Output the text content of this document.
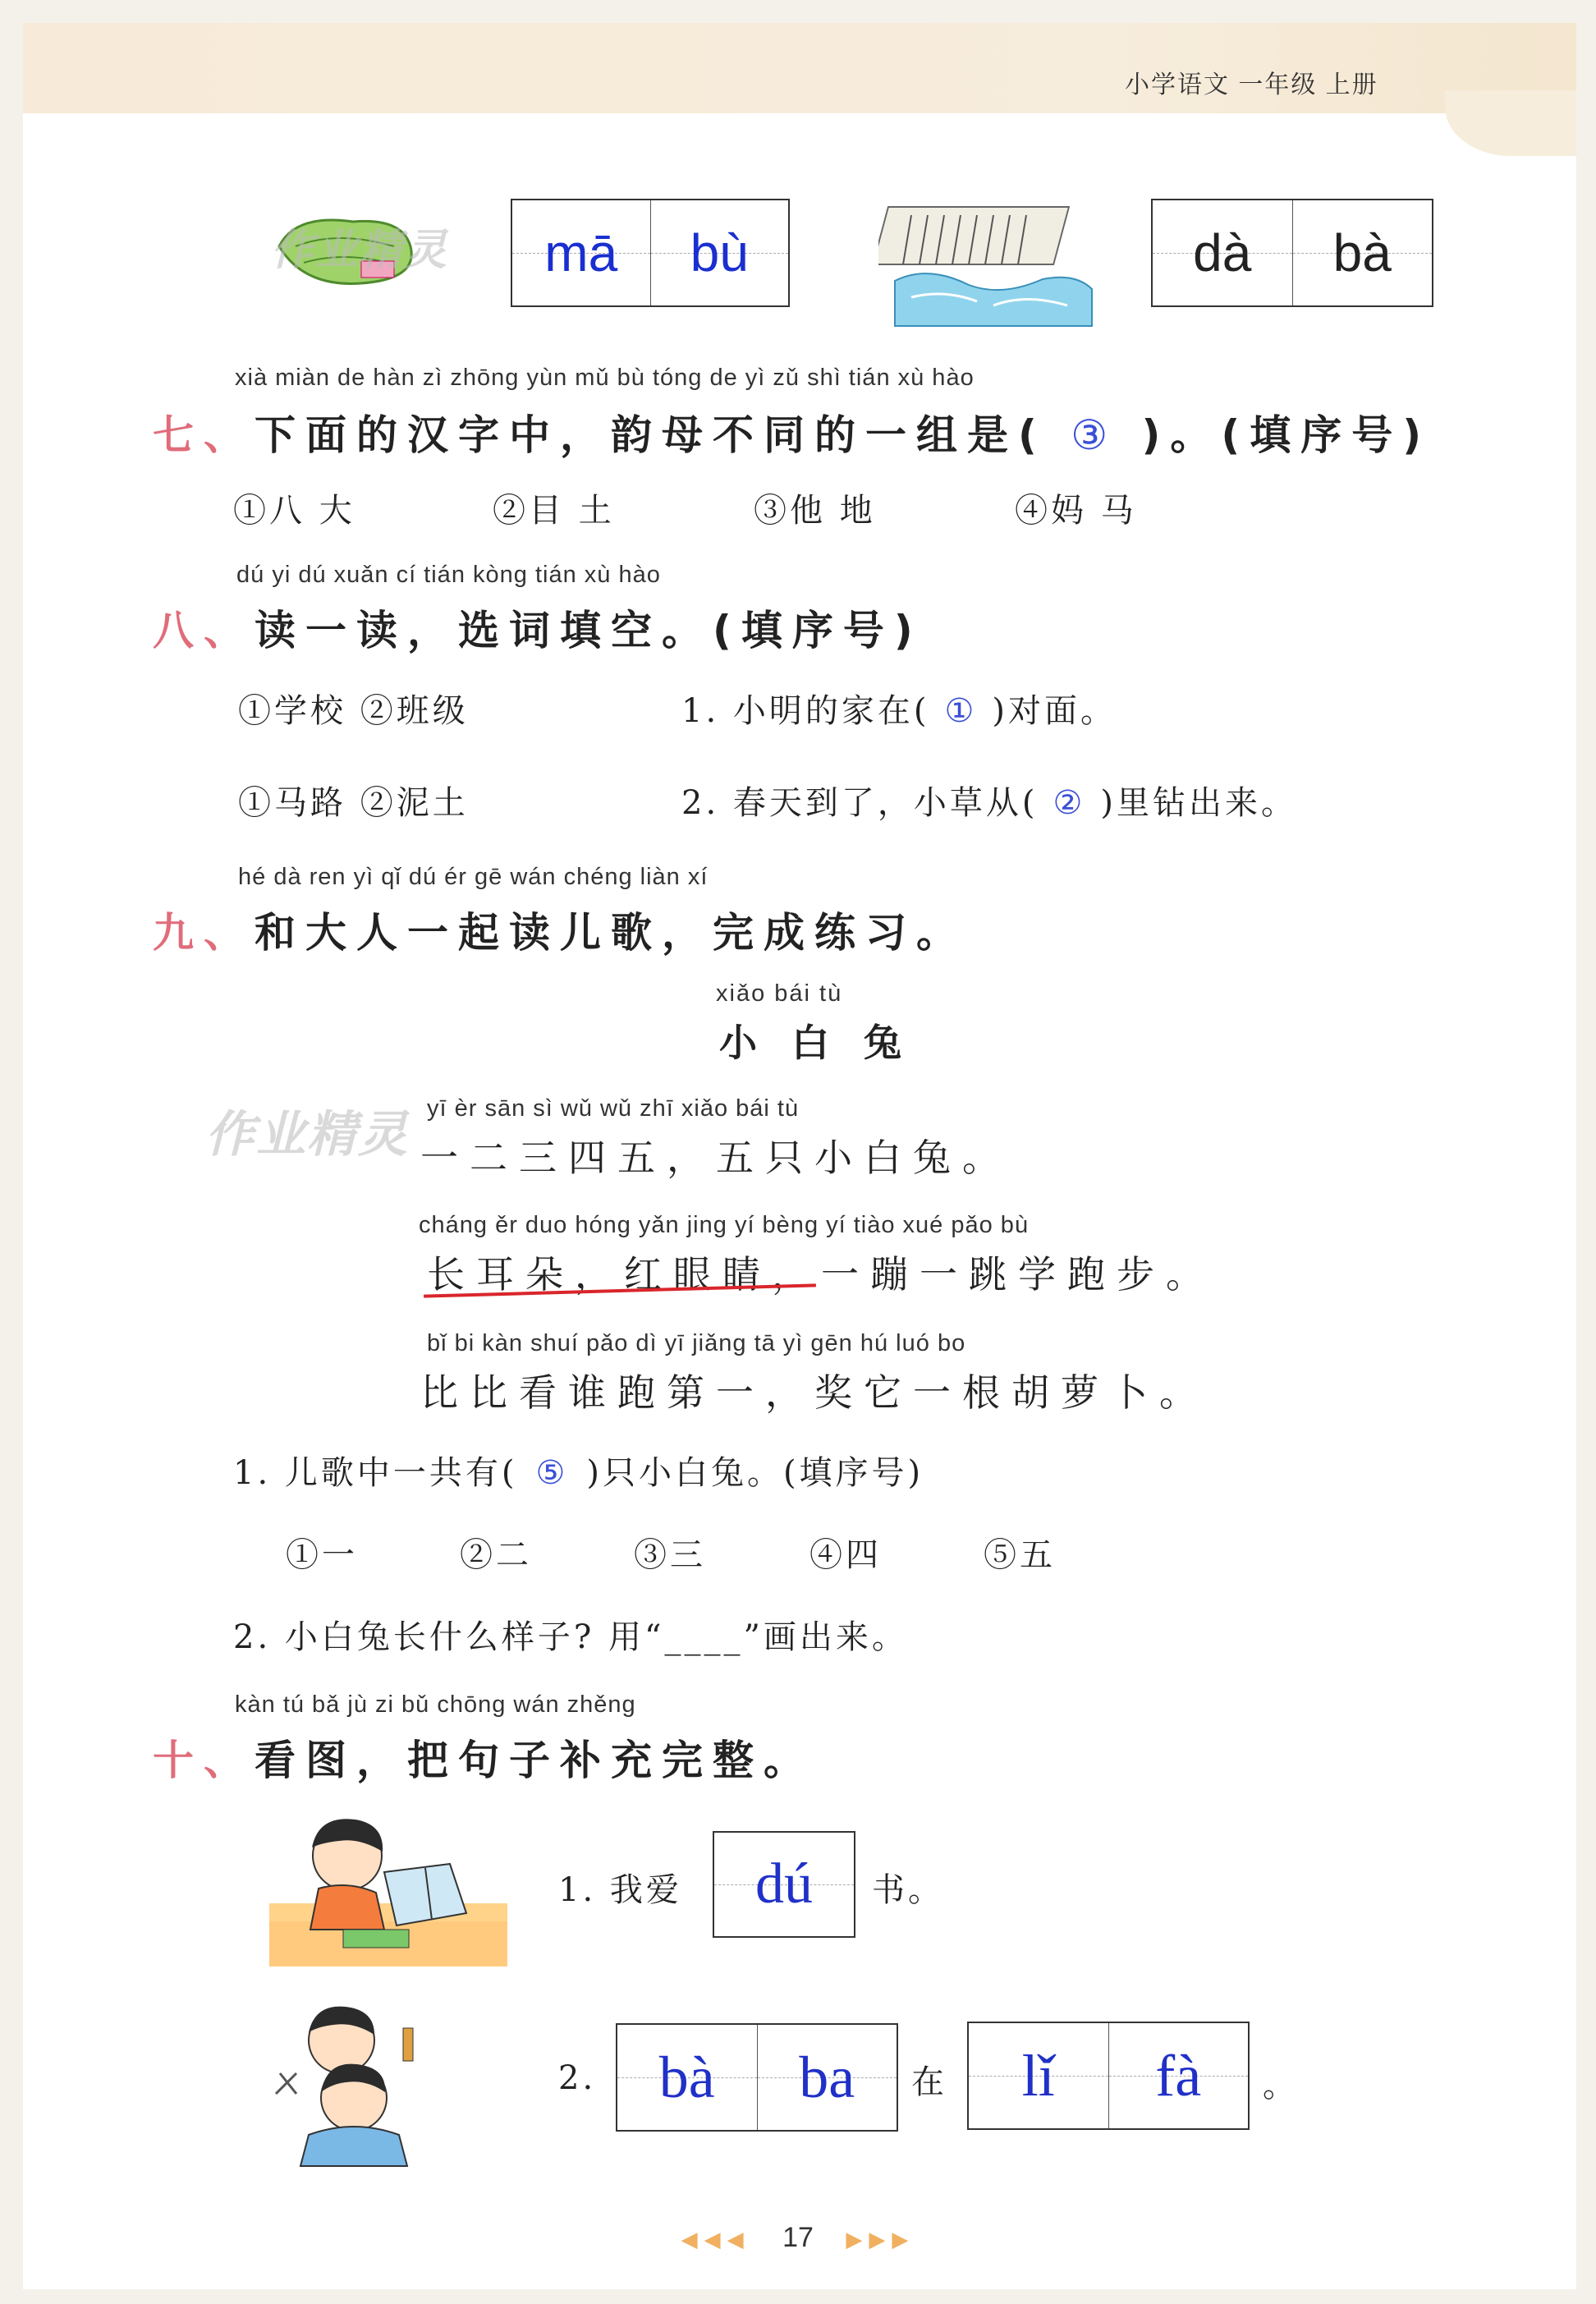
小学语文 一年级 上册
作业精灵 mā bù	dà bà
xià miàn de hàn zì zhōng yùn mǔ bù tóng de yì zǔ shì tián xù hào
七、下面的汉字中，韵母不同的一组是( ③ )。(填序号)
①八 大	②目 土	③他 地	④妈 马
dú yi dú xuǎn cí tián kòng tián xù hào
八、读一读，选词填空。(填序号)
①学校 ②班级	1. 小明的家在( ① )对面。
①马路 ②泥土	2. 春天到了，小草从( ② )里钻出来。
hé dà ren yì qǐ dú ér gē wán chéng liàn xí
九、和大人一起读儿歌，完成练习。
xiǎo bái tù
小白兔
作业精灵 yī èr sān sì wǔ wǔ zhī xiǎo bái tù
一二三四五，五只小白兔。
cháng ěr duo hóng yǎn jing yí bèng yí tiào xué pǎo bù
长耳朵，红眼睛，一蹦一跳学跑步。
bǐ bi kàn shuí pǎo dì yī jiǎng tā yì gēn hú luó bo
比比看谁跑第一，奖它一根胡萝卜。
1. 儿歌中一共有( ⑤ )只小白兔。(填序号)
①一	②二	③三	④四	⑤五
2. 小白兔长什么样子? 用“____”画出来。
kàn tú bǎ jù zi bǔ chōng wán zhěng
十、看图，把句子补充完整。
1. 我爱 dú 书。
2. bà ba 在 lǐ fà 。
◀◀◀ 17 ▶▶▶
